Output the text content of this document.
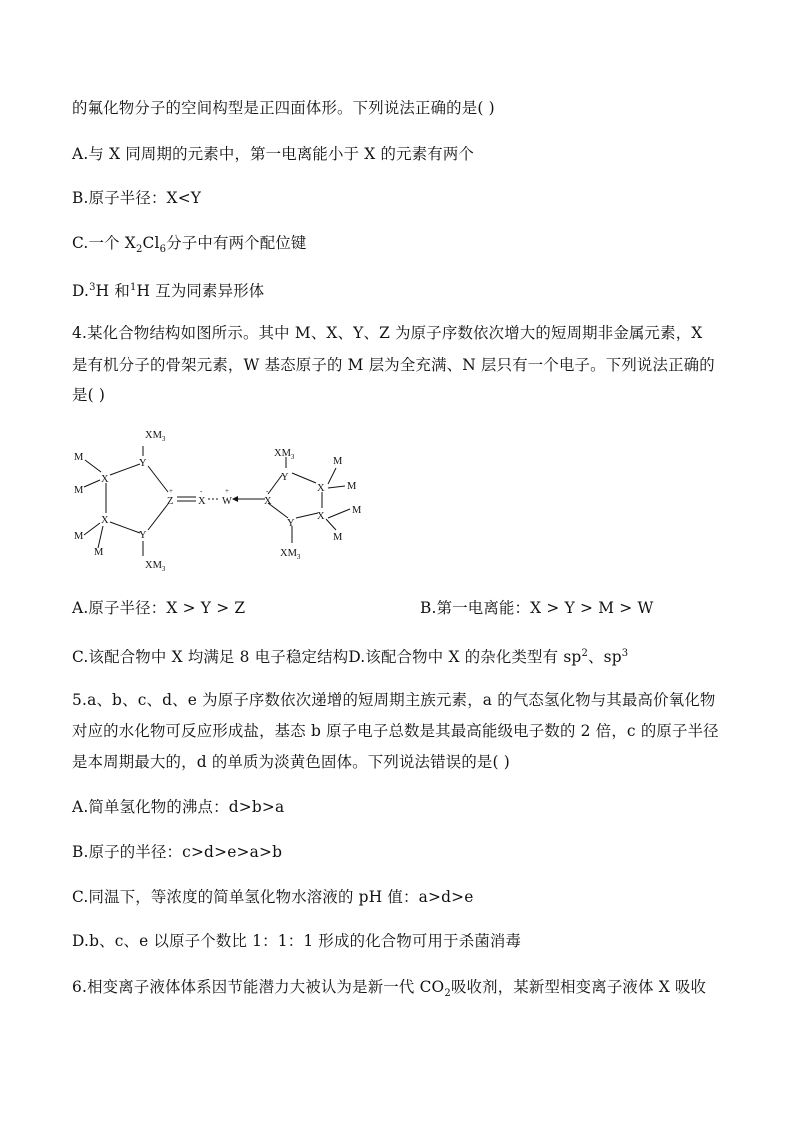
的氟化物分子的空间构型是正四面体形。下列说法正确的是( )
A.与 X 同周期的元素中，第一电离能小于 X 的元素有两个
B.原子半径：X<Y
C.一个 $X_2Cl_6$分子中有两个配位键
D.$^3$H 和$^1$H 互为同素异形体
4.某化合物结构如图所示。其中 M、X、Y、Z 为原子序数依次增大的短周期非金属元素，X
是有机分子的骨架元素，W 基态原子的 M 层为全充满、N 层只有一个电子。下列说法正确的
是( )
$XM_3$
Y
M
M
X
X
M
M
Y
$XM_3$
Z
+
X
-
W
+
X
-
$XM_3$
Y
X
M
M
X
M
M
Y
$XM_3$
A.原子半径：X > Y > Z	B.第一电离能：X > Y > M > W
C.该配合物中 X 均满足 8 电子稳定结构D.该配合物中 X 的杂化类型有 $sp^2$、$sp^3$
5.a、b、c、d、e 为原子序数依次递增的短周期主族元素，a 的气态氢化物与其最高价氧化物
对应的水化物可反应形成盐，基态 b 原子电子总数是其最高能级电子数的 2 倍，c 的原子半径
是本周期最大的，d 的单质为淡黄色固体。下列说法错误的是( )
A.简单氢化物的沸点：d>b>a
B.原子的半径：c>d>e>a>b
C.同温下，等浓度的简单氢化物水溶液的 pH 值：a>d>e
D.b、c、e 以原子个数比 1：1：1 形成的化合物可用于杀菌消毒
6.相变离子液体体系因节能潜力大被认为是新一代 $CO_2$吸收剂，某新型相变离子液体 X 吸收
